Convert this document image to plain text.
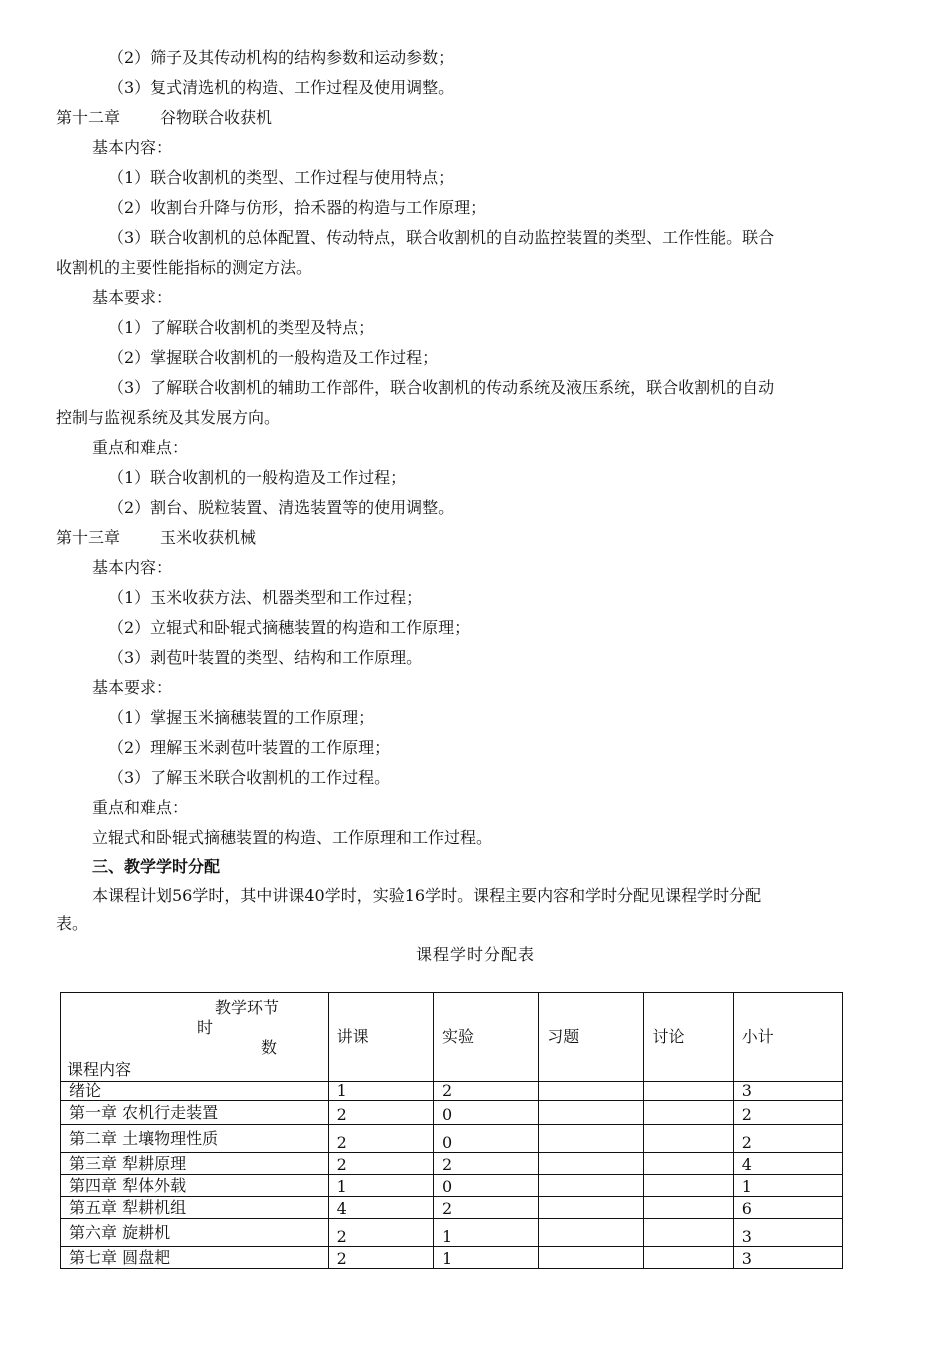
（2）筛子及其传动机构的结构参数和运动参数；
（3）复式清选机的构造、工作过程及使用调整。
第十二章	谷物联合收获机
基本内容：
（1）联合收割机的类型、工作过程与使用特点；
（2）收割台升降与仿形，拾禾器的构造与工作原理；
（3）联合收割机的总体配置、传动特点，联合收割机的自动监控装置的类型、工作性能。联合
收割机的主要性能指标的测定方法。
基本要求：
（1）了解联合收割机的类型及特点；
（2）掌握联合收割机的一般构造及工作过程；
（3）了解联合收割机的辅助工作部件，联合收割机的传动系统及液压系统，联合收割机的自动
控制与监视系统及其发展方向。
重点和难点：
（1）联合收割机的一般构造及工作过程；
（2）割台、脱粒装置、清选装置等的使用调整。
第十三章	玉米收获机械
基本内容：
（1）玉米收获方法、机器类型和工作过程；
（2）立辊式和卧辊式摘穗装置的构造和工作原理；
（3）剥苞叶装置的类型、结构和工作原理。
基本要求：
（1）掌握玉米摘穗装置的工作原理；
（2）理解玉米剥苞叶装置的工作原理；
（3）了解玉米联合收割机的工作过程。
重点和难点：
立辊式和卧辊式摘穗装置的构造、工作原理和工作过程。
三、教学学时分配
本课程计划56学时，其中讲课40学时，实验16学时。课程主要内容和学时分配见课程学时分配
表。
课程学时分配表
教学环节
时
数
课程内容	讲课	实验	习题	讨论	小计
绪论	1	2			3
第一章 农机行走装置	2	0			2
第二章 土壤物理性质	2	0			2
第三章 犁耕原理	2	2			4
第四章 犁体外载	1	0			1
第五章 犁耕机组	4	2			6
第六章 旋耕机	2	1			3
第七章 圆盘耙	2	1			3
